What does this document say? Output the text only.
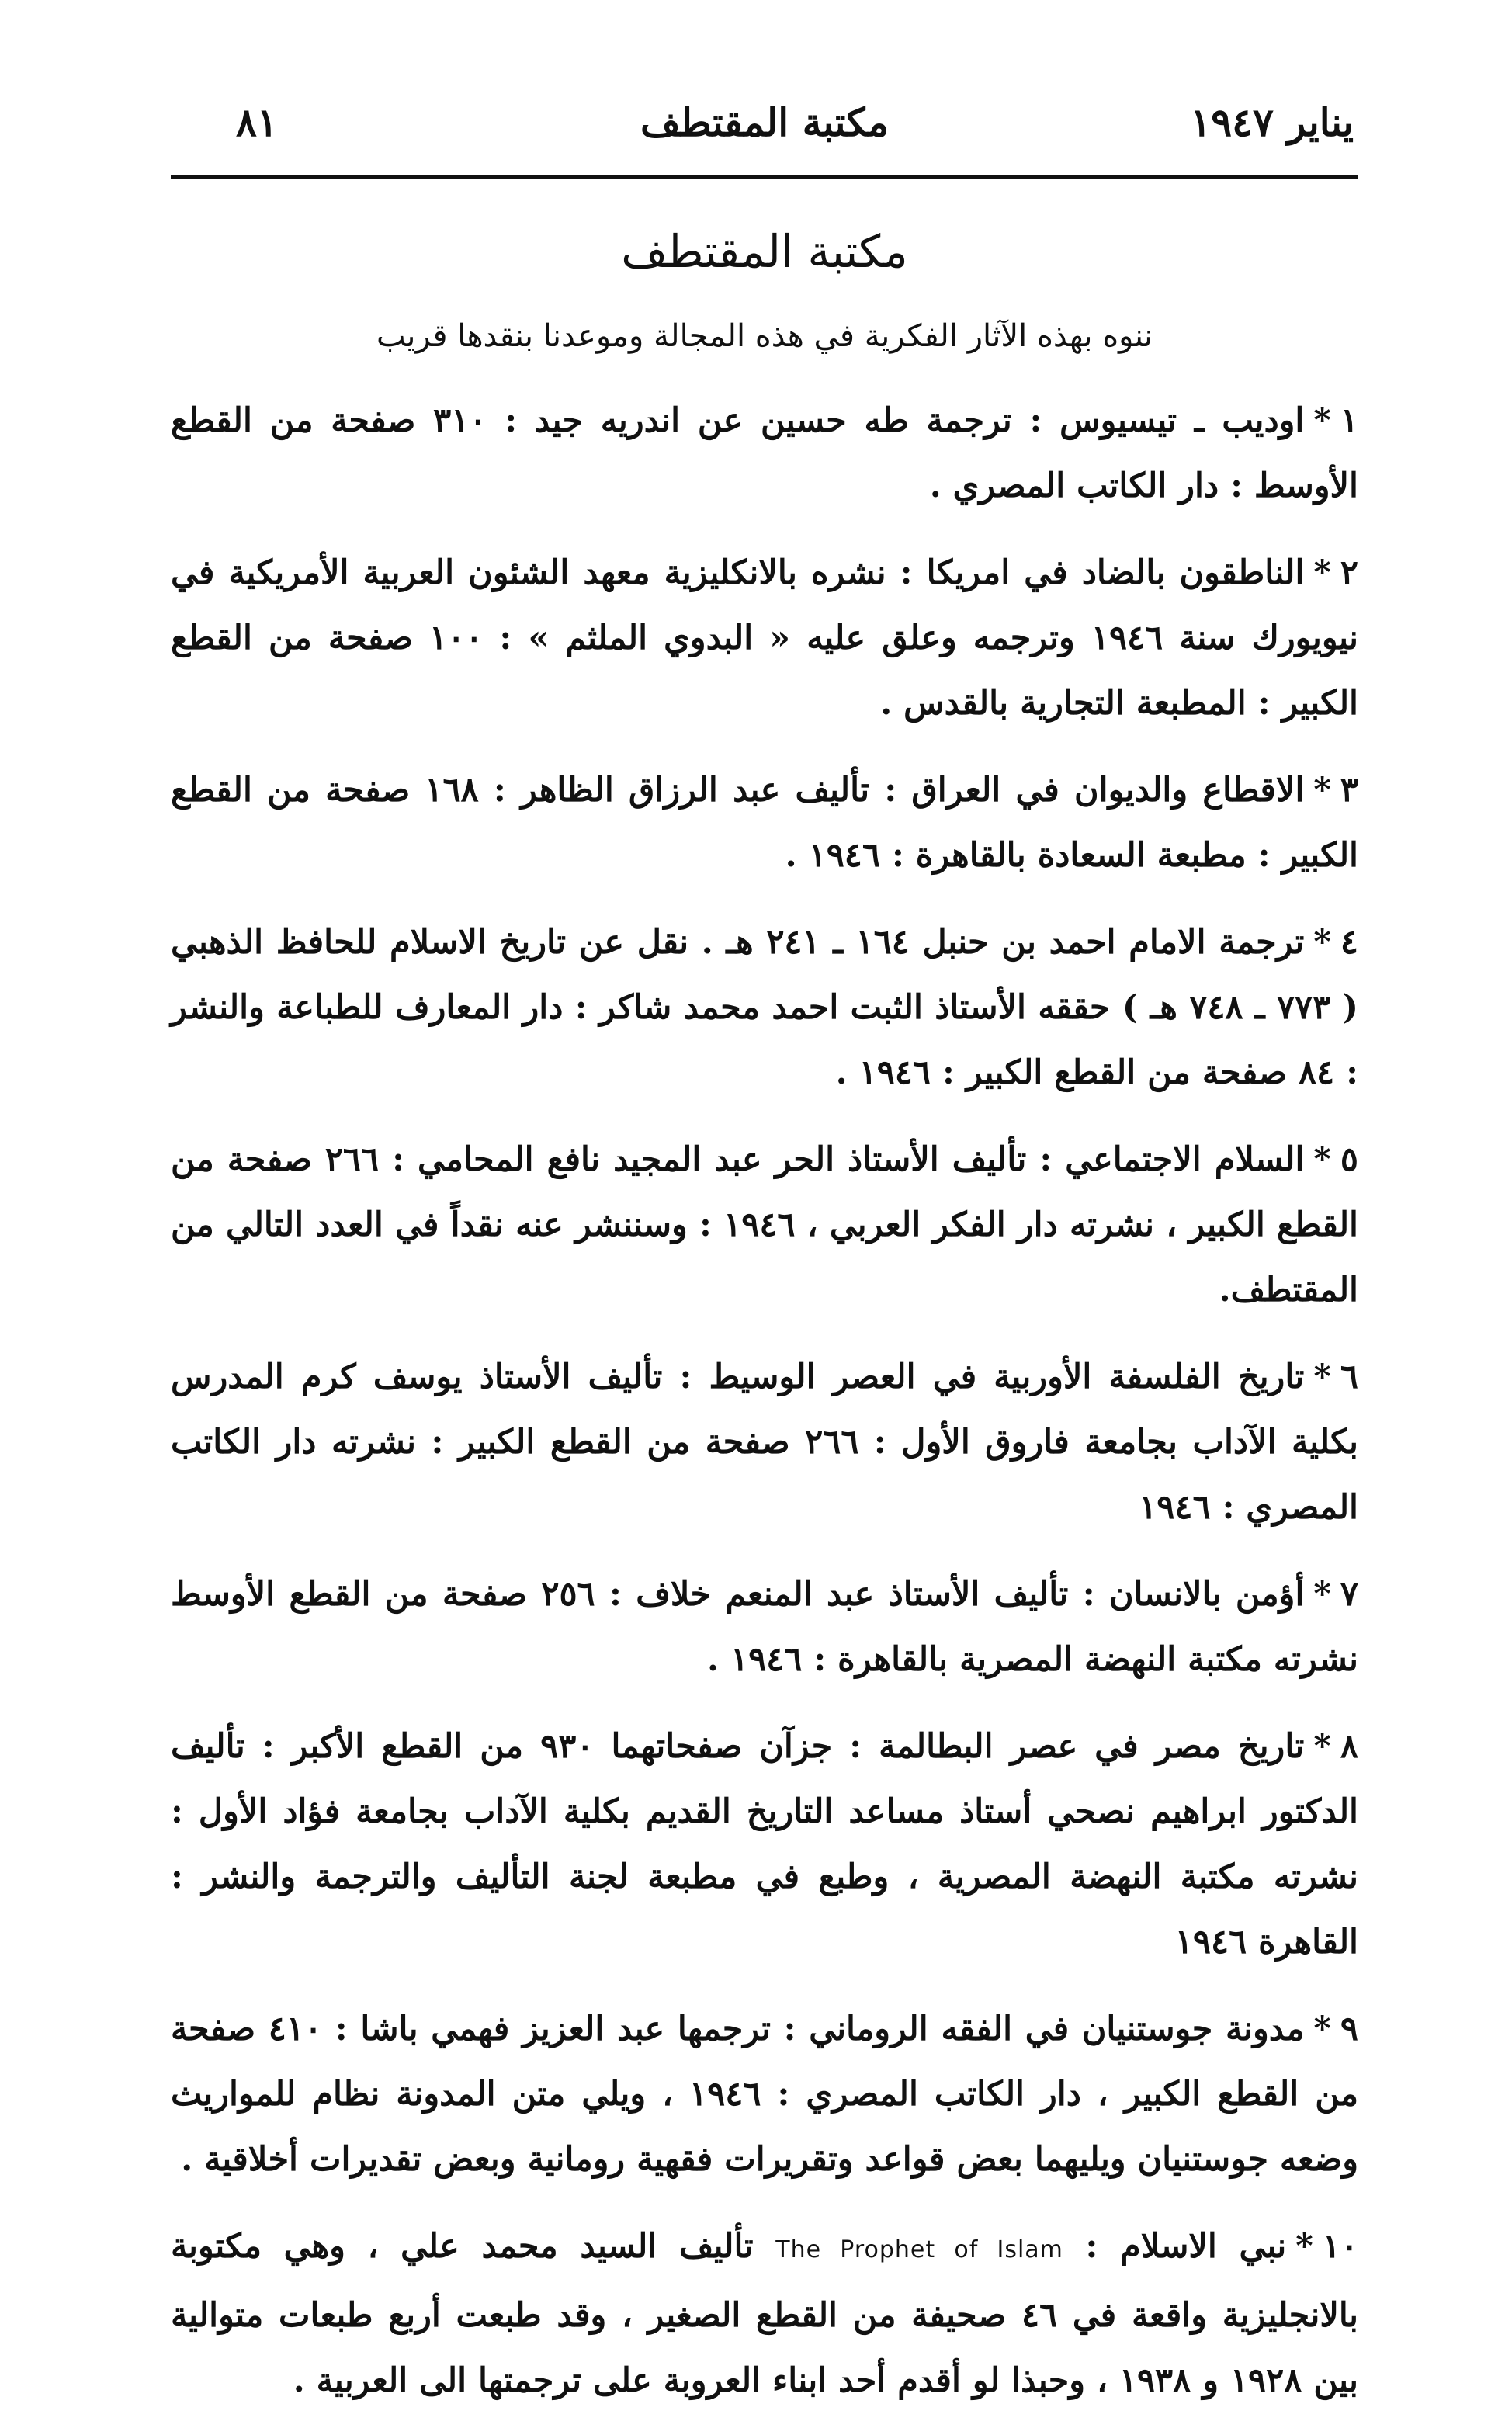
يناير ١٩٤٧
مكتبة المقتطف
٨١
مكتبة المقتطف
ننوه بهذه الآثار الفكرية في هذه المجالة وموعدنا بنقدها قريب

١*اوديب ـ تيسيوس : ترجمة طه حسين عن اندريه جيد : ٣١٠ صفحة من القطع الأوسط : دار الكاتب المصري .

٢*الناطقون بالضاد في امريكا : نشره بالانكليزية معهد الشئون العربية الأمريكية في نيويورك سنة ١٩٤٦ وترجمه وعلق عليه « البدوي الملثم » : ١٠٠ صفحة من القطع الكبير : المطبعة التجارية بالقدس .

٣*الاقطاع والديوان في العراق : تأليف عبد الرزاق الظاهر : ١٦٨ صفحة من القطع الكبير : مطبعة السعادة بالقاهرة : ١٩٤٦ .

٤*ترجمة الامام احمد بن حنبل ١٦٤ ـ ٢٤١ هـ . نقل عن تاريخ الاسلام للحافظ الذهبي ( ٧٧٣ ـ ٧٤٨ هـ ) حققه الأستاذ الثبت احمد محمد شاكر : دار المعارف للطباعة والنشر : ٨٤ صفحة من القطع الكبير : ١٩٤٦ .

٥*السلام الاجتماعي : تأليف الأستاذ الحر عبد المجيد نافع المحامي : ٢٦٦ صفحة من القطع الكبير ، نشرته دار الفكر العربي ، ١٩٤٦ : وسننشر عنه نقداً في العدد التالي من المقتطف.

٦*تاريخ الفلسفة الأوربية في العصر الوسيط : تأليف الأستاذ يوسف كرم المدرس بكلية الآداب بجامعة فاروق الأول : ٢٦٦ صفحة من القطع الكبير : نشرته دار الكاتب المصري : ١٩٤٦

٧*أؤمن بالانسان : تأليف الأستاذ عبد المنعم خلاف : ٢٥٦ صفحة من القطع الأوسط نشرته مكتبة النهضة المصرية بالقاهرة : ١٩٤٦ .

٨*تاريخ مصر في عصر البطالمة : جزآن صفحاتهما ٩٣٠ من القطع الأكبر : تأليف الدكتور ابراهيم نصحي أستاذ مساعد التاريخ القديم بكلية الآداب بجامعة فؤاد الأول : نشرته مكتبة النهضة المصرية ، وطبع في مطبعة لجنة التأليف والترجمة والنشر : القاهرة ١٩٤٦

٩*مدونة جوستنيان في الفقه الروماني : ترجمها عبد العزيز فهمي باشا : ٤١٠ صفحة من القطع الكبير ، دار الكاتب المصري : ١٩٤٦ ، ويلي متن المدونة نظام للمواريث وضعه جوستنيان ويليهما بعض قواعد وتقريرات فقهية رومانية وبعض تقديرات أخلاقية .

١٠*نبي الاسلام : The Prophet of Islam تأليف السيد محمد علي ، وهي مكتوبة بالانجليزية واقعة في ٤٦ صحيفة من القطع الصغير ، وقد طبعت أربع طبعات متوالية بين ١٩٢٨ و ١٩٣٨ ، وحبذا لو أقدم أحد ابناء العروبة على ترجمتها الى العربية .
